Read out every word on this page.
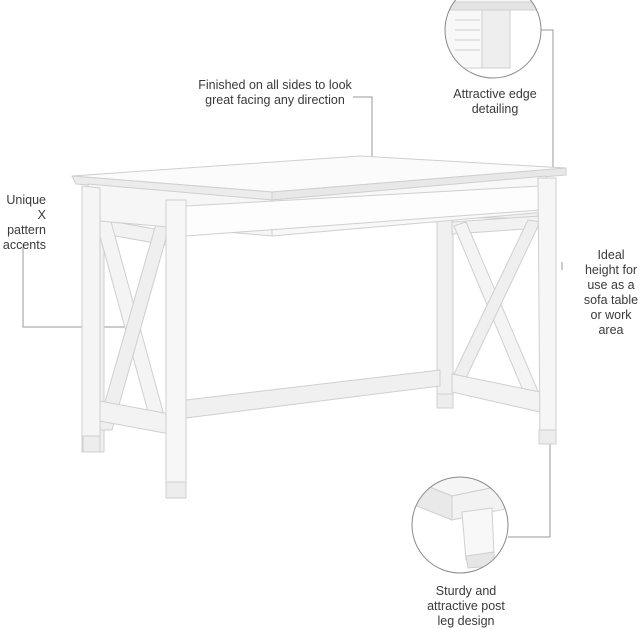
Finished on all sides to look
great facing any direction	Attractive edge
detailing
Unique
X pattern
accents
Ideal
height for
use as a
sofa table
or work
area
Sturdy and
attractive post
leg design
